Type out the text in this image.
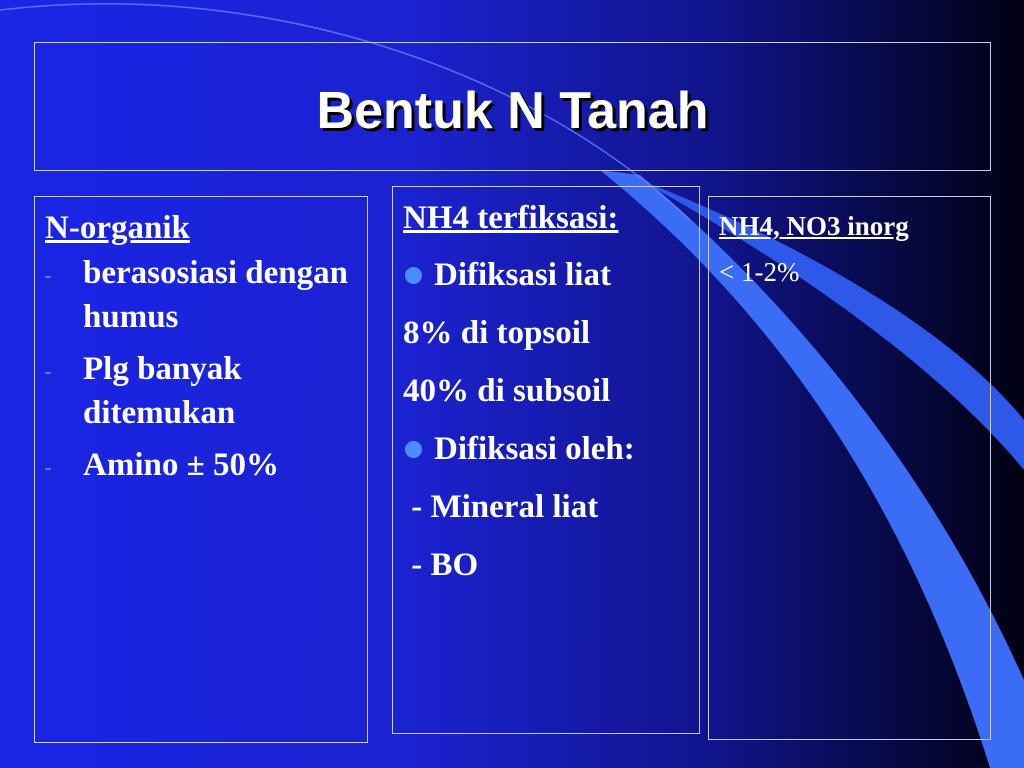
Bentuk N Tanah
N-organik
- berasosiasi dengan humus
- Plg banyak ditemukan
- Amino ± 50%
NH4 terfiksasi:
Difiksasi liat
8% di topsoil
40% di subsoil
Difiksasi oleh:
- Mineral liat
- BO
NH4, NO3 inorg
< 1-2%
